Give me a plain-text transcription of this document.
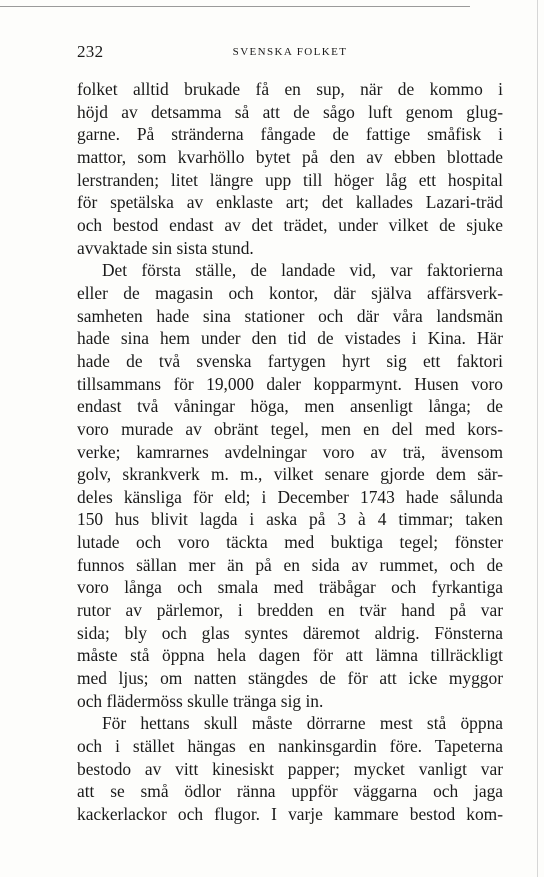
232	SVENSKA FOLKET
folket alltid brukade få en sup, när de kommo i
höjd av detsamma så att de sågo luft genom glug-
garne. På stränderna fångade de fattige småfisk i
mattor, som kvarhöllo bytet på den av ebben blottade
lerstranden; litet längre upp till höger låg ett hospital
för spetälska av enklaste art; det kallades Lazari-träd
och bestod endast av det trädet, under vilket de sjuke
avvaktade sin sista stund.
Det första ställe, de landade vid, var faktorierna
eller de magasin och kontor, där själva affärsverk-
samheten hade sina stationer och där våra landsmän
hade sina hem under den tid de vistades i Kina. Här
hade de två svenska fartygen hyrt sig ett faktori
tillsammans för 19,000 daler kopparmynt. Husen voro
endast två våningar höga, men ansenligt långa; de
voro murade av obränt tegel, men en del med kors-
verke; kamrarnes avdelningar voro av trä, ävensom
golv, skrankverk m. m., vilket senare gjorde dem sär-
deles känsliga för eld; i December 1743 hade sålunda
150 hus blivit lagda i aska på 3 à 4 timmar; taken
lutade och voro täckta med buktiga tegel; fönster
funnos sällan mer än på en sida av rummet, och de
voro långa och smala med träbågar och fyrkantiga
rutor av pärlemor, i bredden en tvär hand på var
sida; bly och glas syntes däremot aldrig. Fönsterna
måste stå öppna hela dagen för att lämna tillräckligt
med ljus; om natten stängdes de för att icke myggor
och flädermöss skulle tränga sig in.
För hettans skull måste dörrarne mest stå öppna
och i stället hängas en nankinsgardin före. Tapeterna
bestodo av vitt kinesiskt papper; mycket vanligt var
att se små ödlor ränna uppför väggarna och jaga
kackerlackor och flugor. I varje kammare bestod kom-
